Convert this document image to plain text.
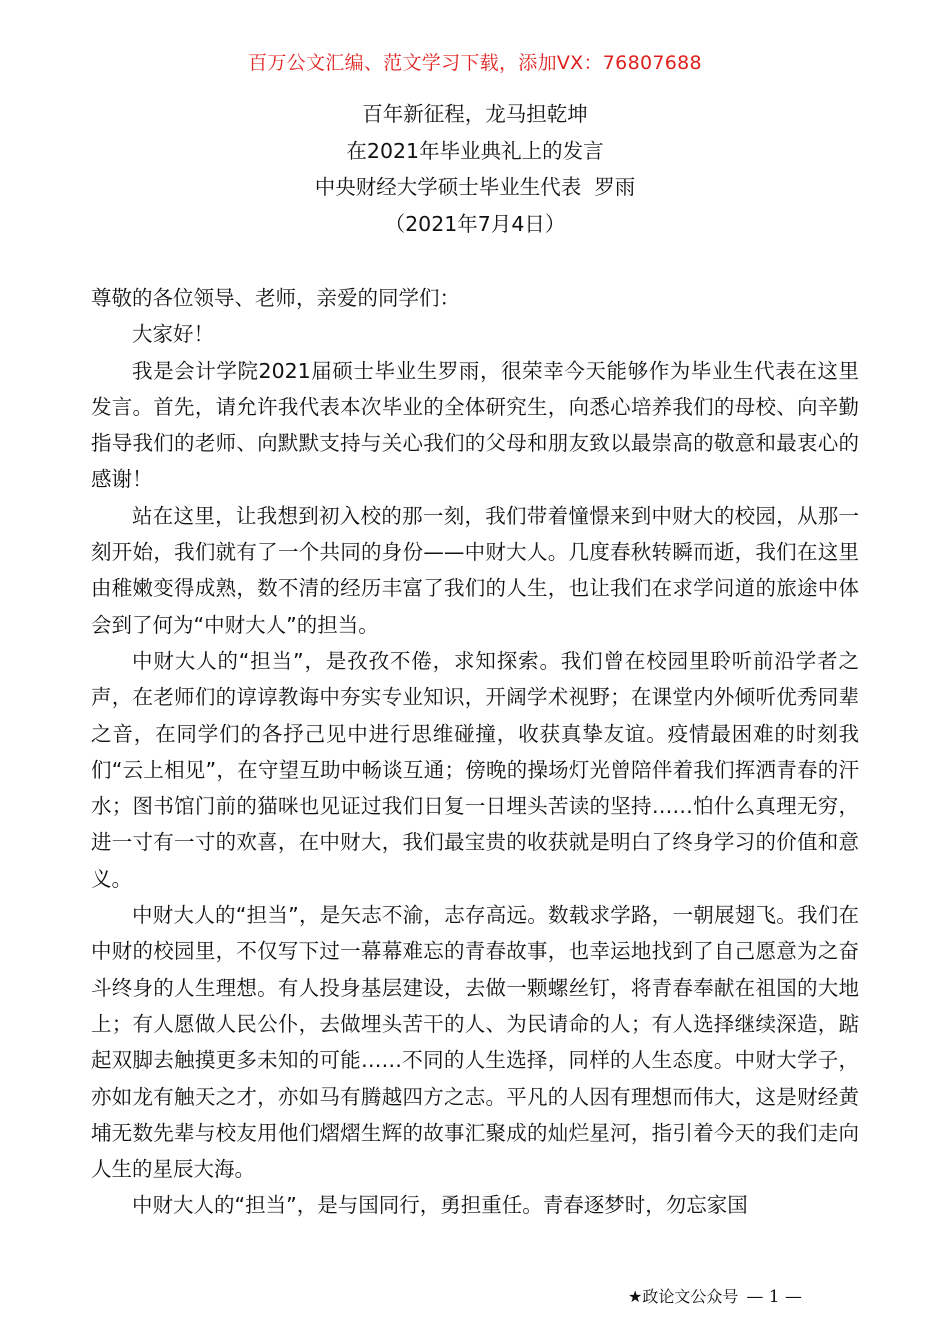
百万公文汇编、范文学习下载，添加VX：76807688
百年新征程，龙马担乾坤
在2021年毕业典礼上的发言
中央财经大学硕士毕业生代表  罗雨
（2021年7月4日）

尊敬的各位领导、老师，亲爱的同学们：

大家好！

我是会计学院2021届硕士毕业生罗雨，很荣幸今天能够作为毕业生代表在这里发言。首先，请允许我代表本次毕业的全体研究生，向悉心培养我们的母校、向辛勤指导我们的老师、向默默支持与关心我们的父母和朋友致以最崇高的敬意和最衷心的感谢！

站在这里，让我想到初入校的那一刻，我们带着憧憬来到中财大的校园，从那一刻开始，我们就有了一个共同的身份——中财大人。几度春秋转瞬而逝，我们在这里由稚嫩变得成熟，数不清的经历丰富了我们的人生，也让我们在求学问道的旅途中体会到了何为“中财大人”的担当。

中财大人的“担当”，是孜孜不倦，求知探索。我们曾在校园里聆听前沿学者之声，在老师们的谆谆教诲中夯实专业知识，开阔学术视野；在课堂内外倾听优秀同辈之音，在同学们的各抒己见中进行思维碰撞，收获真挚友谊。疫情最困难的时刻我们“云上相见”，在守望互助中畅谈互通；傍晚的操场灯光曾陪伴着我们挥洒青春的汗水；图书馆门前的猫咪也见证过我们日复一日埋头苦读的坚持……怕什么真理无穷，进一寸有一寸的欢喜，在中财大，我们最宝贵的收获就是明白了终身学习的价值和意义。

中财大人的“担当”，是矢志不渝，志存高远。数载求学路，一朝展翅飞。我们在中财的校园里，不仅写下过一幕幕难忘的青春故事，也幸运地找到了自己愿意为之奋斗终身的人生理想。有人投身基层建设，去做一颗螺丝钉，将青春奉献在祖国的大地上；有人愿做人民公仆，去做埋头苦干的人、为民请命的人；有人选择继续深造，踮起双脚去触摸更多未知的可能……不同的人生选择，同样的人生态度。中财大学子，亦如龙有触天之才，亦如马有腾越四方之志。平凡的人因有理想而伟大，这是财经黄埔无数先辈与校友用他们熠熠生辉的故事汇聚成的灿烂星河，指引着今天的我们走向人生的星辰大海。

中财大人的“担当”，是与国同行，勇担重任。青春逐梦时，勿忘家国

★政论文公众号 — 1 —
